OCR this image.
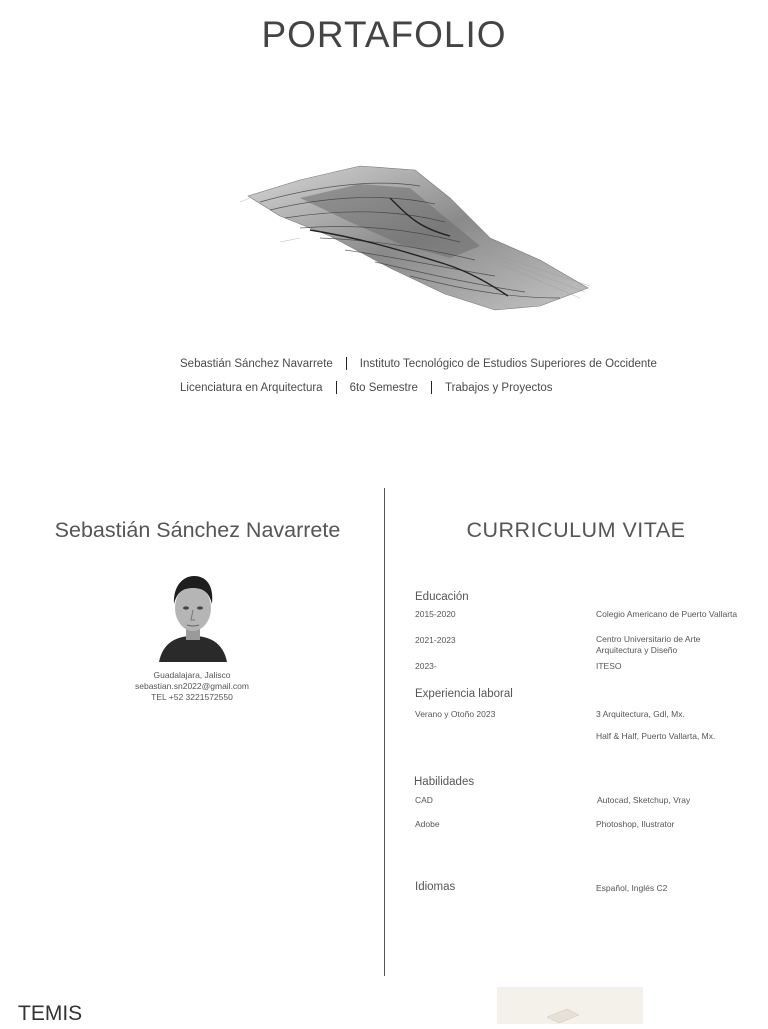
PORTAFOLIO
Sebastián Sánchez Navarrete Instituto Tecnológico de Estudios Superiores de Occidente
Licenciatura en Arquitectura 6to Semestre Trabajos y Proyectos
Sebastián Sánchez Navarrete
Guadalajara, Jalisco
sebastian.sn2022@gmail.com
TEL +52 3221572550
CURRICULUM VITAE
Educación
2015-2020	Colegio Americano de Puerto Vallarta
2021-2023	Centro Universitario de Arte
Arquitectura y Diseño
2023-	ITESO
Experiencia laboral
Verano y Otoño 2023	3 Arquitectura, Gdl, Mx.
Half & Half, Puerto Vallarta, Mx.
Habilidades
CAD	Autocad, Sketchup, Vray
Adobe	Photoshop, Ilustrator
Idiomas	Español, Inglés C2
TEMIS
